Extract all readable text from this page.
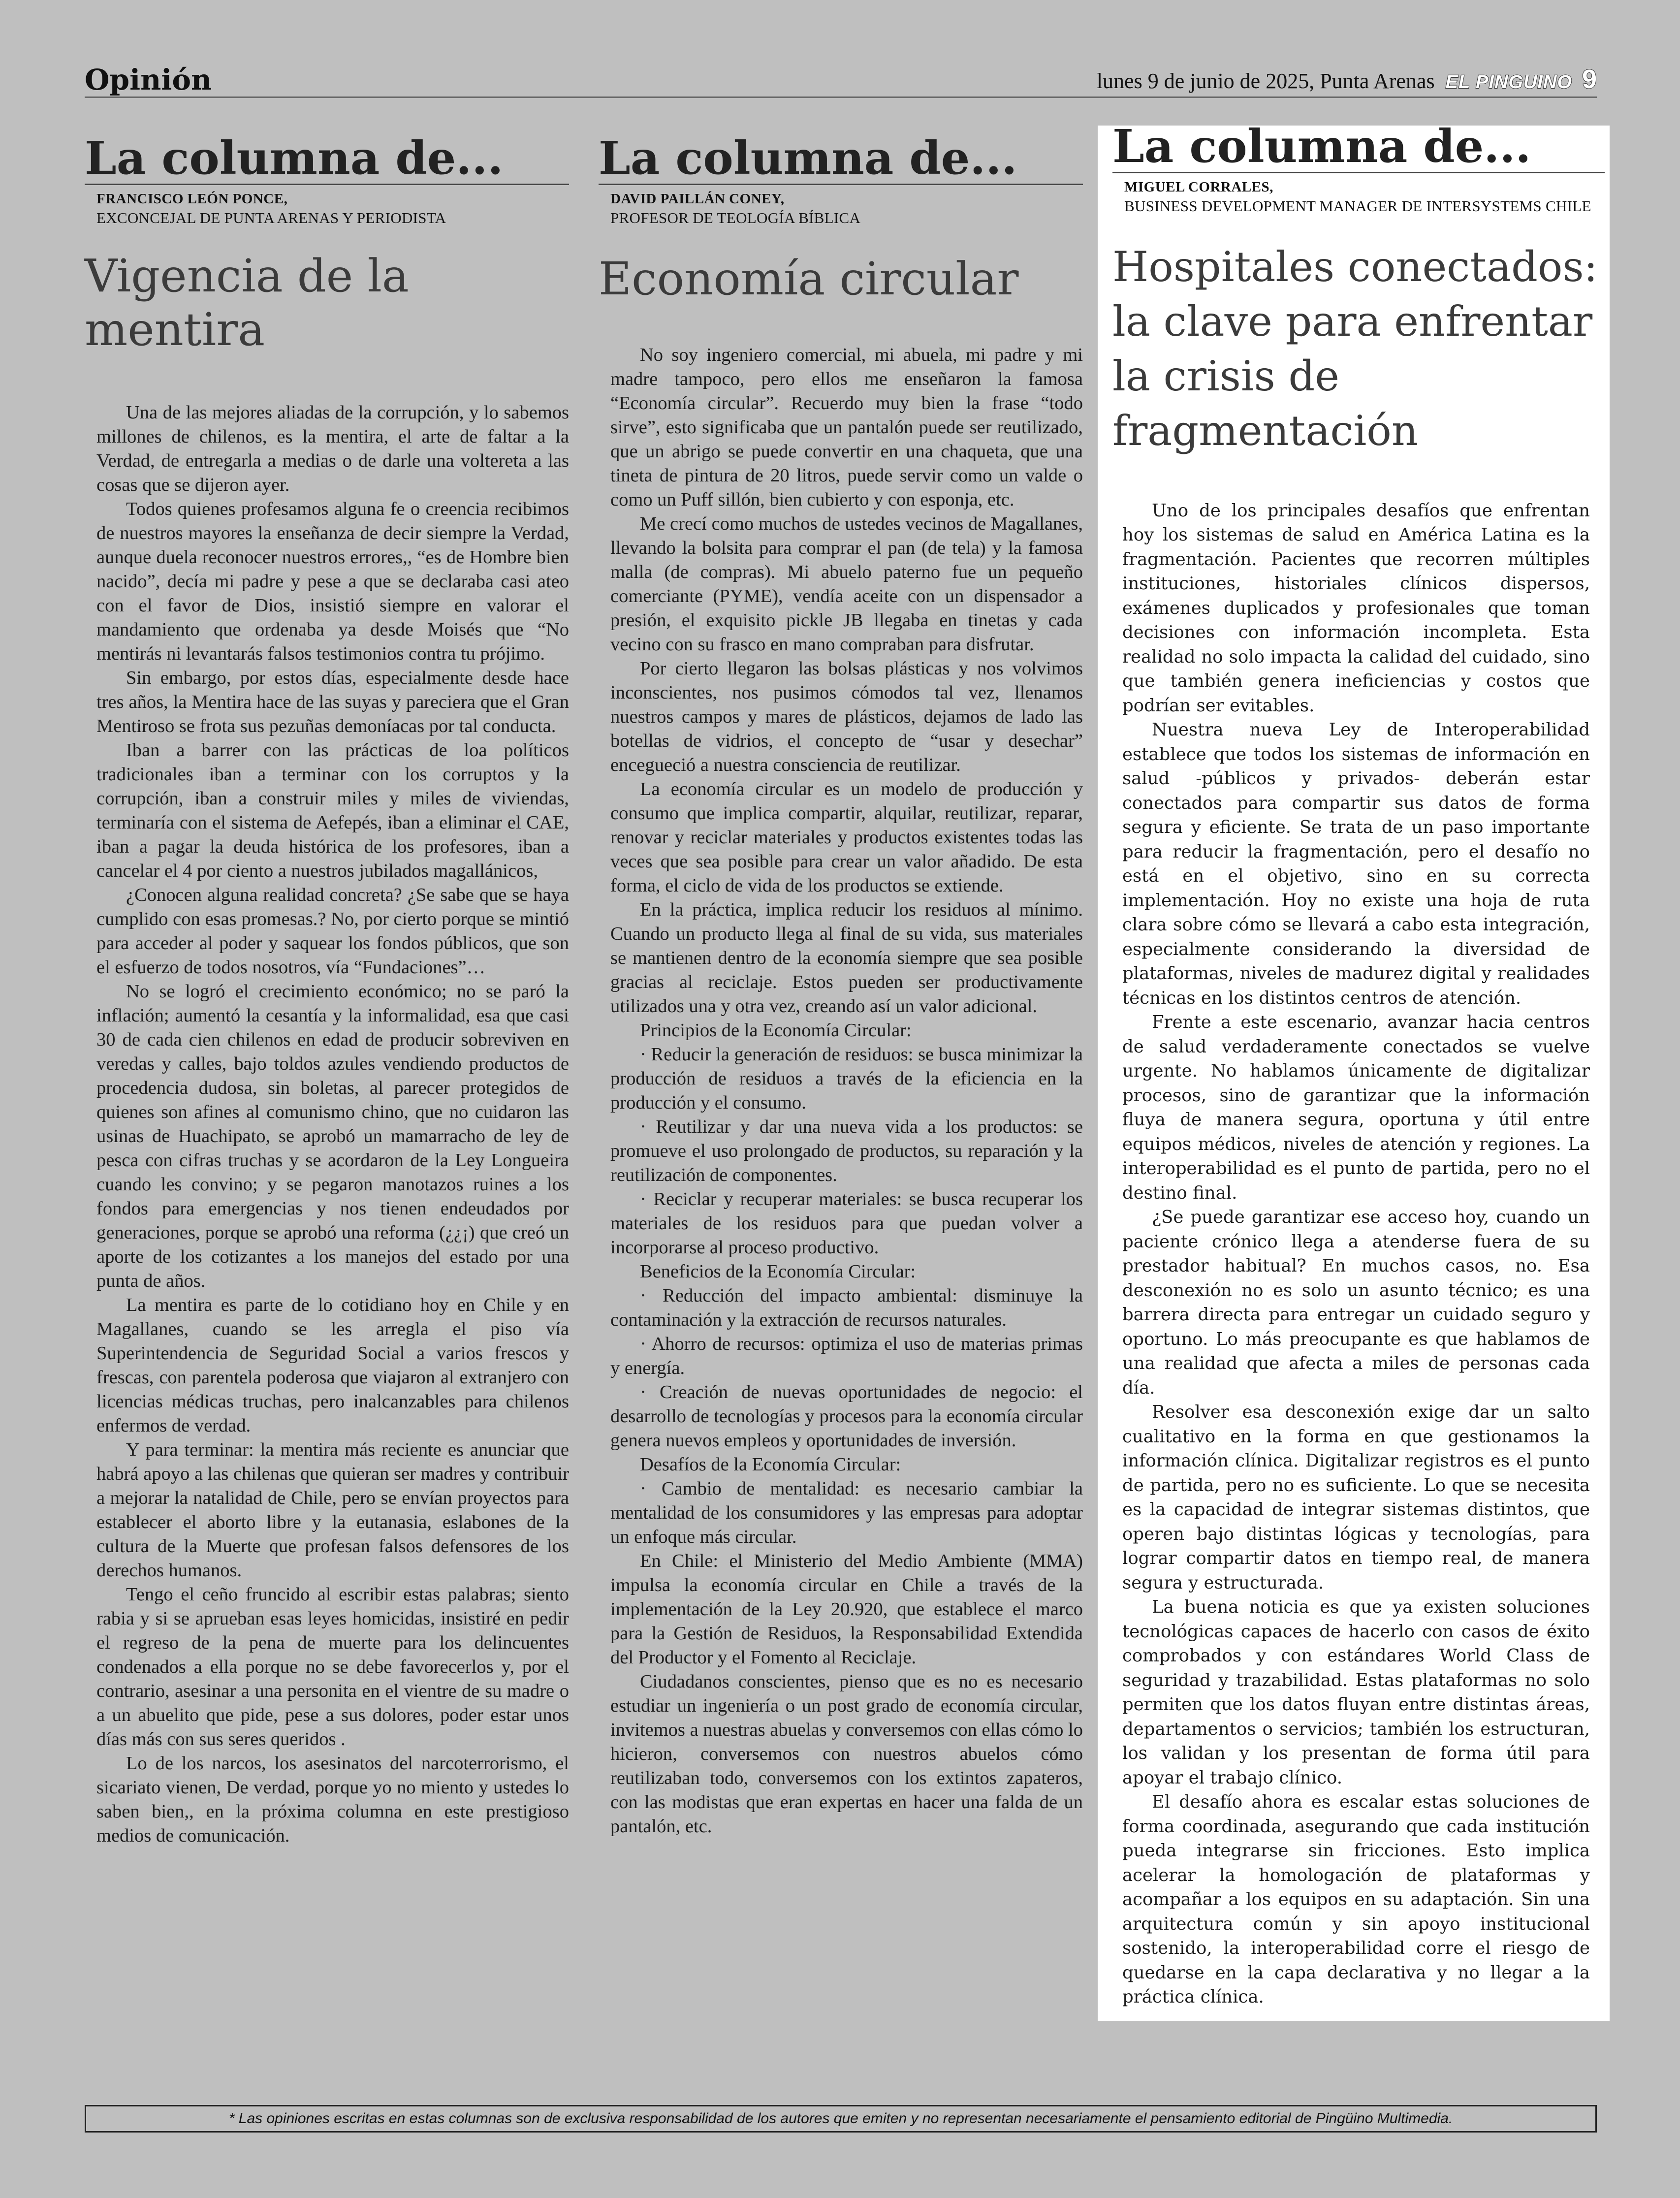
Opinión	lunes 9 de junio de 2025, Punta Arenas EL PINGUINO 9
La columna de...
FRANCISCO LEÓN PONCE,
EXCONCEJAL DE PUNTA ARENAS Y PERIODISTA
Vigencia de la mentira

Una de las mejores aliadas de la corrupción, y lo sabemos millones de chilenos, es la mentira, el arte de faltar a la Verdad, de entregarla a medias o de darle una voltereta a las cosas que se dijeron ayer.

Todos quienes profesamos alguna fe o creencia recibimos de nuestros mayores la enseñanza de decir siempre la Verdad, aunque duela reconocer nuestros errores,, “es de Hombre bien nacido”, decía mi padre y pese a que se declaraba casi ateo con el favor de Dios, insistió siempre en valorar el mandamiento que ordenaba ya desde Moisés que “No mentirás ni levantarás falsos testimonios contra tu prójimo.

Sin embargo, por estos días, especialmente desde hace tres años, la Mentira hace de las suyas y pareciera que el Gran Mentiroso se frota sus pezuñas demoníacas por tal conducta.

Iban a barrer con las prácticas de loa políticos tradicionales iban a terminar con los corruptos y la corrupción, iban a construir miles y miles de viviendas, terminaría con el sistema de Aefepés, iban a eliminar el CAE, iban a pagar la deuda histórica de los profesores, iban a cancelar el 4 por ciento a nuestros jubilados magallánicos,

¿Conocen alguna realidad concreta? ¿Se sabe que se haya cumplido con esas promesas.? No, por cierto porque se mintió para acceder al poder y saquear los fondos públicos, que son el esfuerzo de todos nosotros, vía “Fundaciones”…

No se logró el crecimiento económico; no se paró la inflación; aumentó la cesantía y la informalidad, esa que casi 30 de cada cien chilenos en edad de producir sobreviven en veredas y calles, bajo toldos azules vendiendo productos de procedencia dudosa, sin boletas, al parecer protegidos de quienes son afines al comunismo chino, que no cuidaron las usinas de Huachipato, se aprobó un mamarracho de ley de pesca con cifras truchas y se acordaron de la Ley Longueira cuando les convino; y se pegaron manotazos ruines a los fondos para emergencias y nos tienen endeudados por generaciones, porque se aprobó una reforma (¿¿¡) que creó un aporte de los cotizantes a los manejos del estado por una punta de años.

La mentira es parte de lo cotidiano hoy en Chile y en Magallanes, cuando se les arregla el piso vía Superintendencia de Seguridad Social a varios frescos y frescas, con parentela poderosa que viajaron al extranjero con licencias médicas truchas, pero inalcanzables para chilenos enfermos de verdad.

Y para terminar: la mentira más reciente es anunciar que habrá apoyo a las chilenas que quieran ser madres y contribuir a mejorar la natalidad de Chile, pero se envían proyectos para establecer el aborto libre y la eutanasia, eslabones de la cultura de la Muerte que profesan falsos defensores de los derechos humanos.

Tengo el ceño fruncido al escribir estas palabras; siento rabia y si se aprueban esas leyes homicidas, insistiré en pedir el regreso de la pena de muerte para los delincuentes condenados a ella porque no se debe favorecerlos y, por el contrario, asesinar a una personita en el vientre de su madre o a un abuelito que pide, pese a sus dolores, poder estar unos días más con sus seres queridos .

Lo de los narcos, los asesinatos del narcoterrorismo, el sicariato vienen, De verdad, porque yo no miento y ustedes lo saben bien,, en la próxima columna en este prestigioso medios de comunicación.

La columna de...
DAVID PAILLÁN CONEY,
PROFESOR DE TEOLOGÍA BÍBLICA
Economía circular

No soy ingeniero comercial, mi abuela, mi padre y mi madre tampoco, pero ellos me enseñaron la famosa “Economía circular”. Recuerdo muy bien la frase “todo sirve”, esto significaba que un pantalón puede ser reutilizado, que un abrigo se puede convertir en una chaqueta, que una tineta de pintura de 20 litros, puede servir como un valde o como un Puff sillón, bien cubierto y con esponja, etc.

Me crecí como muchos de ustedes vecinos de Magallanes, llevando la bolsita para comprar el pan (de tela) y la famosa malla (de compras). Mi abuelo paterno fue un pequeño comerciante (PYME), vendía aceite con un dispensador a presión, el exquisito pickle JB llegaba en tinetas y cada vecino con su frasco en mano compraban para disfrutar.

Por cierto llegaron las bolsas plásticas y nos volvimos inconscientes, nos pusimos cómodos tal vez, llenamos nuestros campos y mares de plásticos, dejamos de lado las botellas de vidrios, el concepto de “usar y desechar” encegueció a nuestra consciencia de reutilizar.

La economía circular es un modelo de producción y consumo que implica compartir, alquilar, reutilizar, reparar, renovar y reciclar materiales y productos existentes todas las veces que sea posible para crear un valor añadido. De esta forma, el ciclo de vida de los productos se extiende.

En la práctica, implica reducir los residuos al mínimo. Cuando un producto llega al final de su vida, sus materiales se mantienen dentro de la economía siempre que sea posible gracias al reciclaje. Estos pueden ser productivamente utilizados una y otra vez, creando así un valor adicional.

Principios de la Economía Circular:

· Reducir la generación de residuos: se busca minimizar la producción de residuos a través de la eficiencia en la producción y el consumo.

· Reutilizar y dar una nueva vida a los productos: se promueve el uso prolongado de productos, su reparación y la reutilización de componentes.

· Reciclar y recuperar materiales: se busca recuperar los materiales de los residuos para que puedan volver a incorporarse al proceso productivo.

Beneficios de la Economía Circular:

· Reducción del impacto ambiental: disminuye la contaminación y la extracción de recursos naturales.

· Ahorro de recursos: optimiza el uso de materias primas y energía.

· Creación de nuevas oportunidades de negocio: el desarrollo de tecnologías y procesos para la economía circular genera nuevos empleos y oportunidades de inversión.

Desafíos de la Economía Circular:

· Cambio de mentalidad: es necesario cambiar la mentalidad de los consumidores y las empresas para adoptar un enfoque más circular.

En Chile: el Ministerio del Medio Ambiente (MMA) impulsa la economía circular en Chile a través de la implementación de la Ley 20.920, que establece el marco para la Gestión de Residuos, la Responsabilidad Extendida del Productor y el Fomento al Reciclaje.

Ciudadanos conscientes, pienso que es no es necesario estudiar un ingeniería o un post grado de economía circular, invitemos a nuestras abuelas y conversemos con ellas cómo lo hicieron, conversemos con nuestros abuelos cómo reutilizaban todo, conversemos con los extintos zapateros, con las modistas que eran expertas en hacer una falda de un pantalón, etc.

La columna de...
MIGUEL CORRALES,
BUSINESS DEVELOPMENT MANAGER DE INTERSYSTEMS CHILE
Hospitales conectados: la clave para enfrentar la crisis de fragmentación

Uno de los principales desafíos que enfrentan hoy los sistemas de salud en América Latina es la fragmentación. Pacientes que recorren múltiples instituciones, historiales clínicos dispersos, exámenes duplicados y profesionales que toman decisiones con información incompleta. Esta realidad no solo impacta la calidad del cuidado, sino que también genera ineficiencias y costos que podrían ser evitables.

Nuestra nueva Ley de Interoperabilidad establece que todos los sistemas de información en salud -públicos y privados- deberán estar conectados para compartir sus datos de forma segura y eficiente. Se trata de un paso importante para reducir la fragmentación, pero el desafío no está en el objetivo, sino en su correcta implementación. Hoy no existe una hoja de ruta clara sobre cómo se llevará a cabo esta integración, especialmente considerando la diversidad de plataformas, niveles de madurez digital y realidades técnicas en los distintos centros de atención.

Frente a este escenario, avanzar hacia centros de salud verdaderamente conectados se vuelve urgente. No hablamos únicamente de digitalizar procesos, sino de garantizar que la información fluya de manera segura, oportuna y útil entre equipos médicos, niveles de atención y regiones. La interoperabilidad es el punto de partida, pero no el destino final.

¿Se puede garantizar ese acceso hoy, cuando un paciente crónico llega a atenderse fuera de su prestador habitual? En muchos casos, no. Esa desconexión no es solo un asunto técnico; es una barrera directa para entregar un cuidado seguro y oportuno. Lo más preocupante es que hablamos de una realidad que afecta a miles de personas cada día.

Resolver esa desconexión exige dar un salto cualitativo en la forma en que gestionamos la información clínica. Digitalizar registros es el punto de partida, pero no es suficiente. Lo que se necesita es la capacidad de integrar sistemas distintos, que operen bajo distintas lógicas y tecnologías, para lograr compartir datos en tiempo real, de manera segura y estructurada.

La buena noticia es que ya existen soluciones tecnológicas capaces de hacerlo con casos de éxito comprobados y con estándares World Class de seguridad y trazabilidad. Estas plataformas no solo permiten que los datos fluyan entre distintas áreas, departamentos o servicios; también los estructuran, los validan y los presentan de forma útil para apoyar el trabajo clínico.

El desafío ahora es escalar estas soluciones de forma coordinada, asegurando que cada institución pueda integrarse sin fricciones. Esto implica acelerar la homologación de plataformas y acompañar a los equipos en su adaptación. Sin una arquitectura común y sin apoyo institucional sostenido, la interoperabilidad corre el riesgo de quedarse en la capa declarativa y no llegar a la práctica clínica.

* Las opiniones escritas en estas columnas son de exclusiva responsabilidad de los autores que emiten y no representan necesariamente el pensamiento editorial de Pingüino Multimedia.
